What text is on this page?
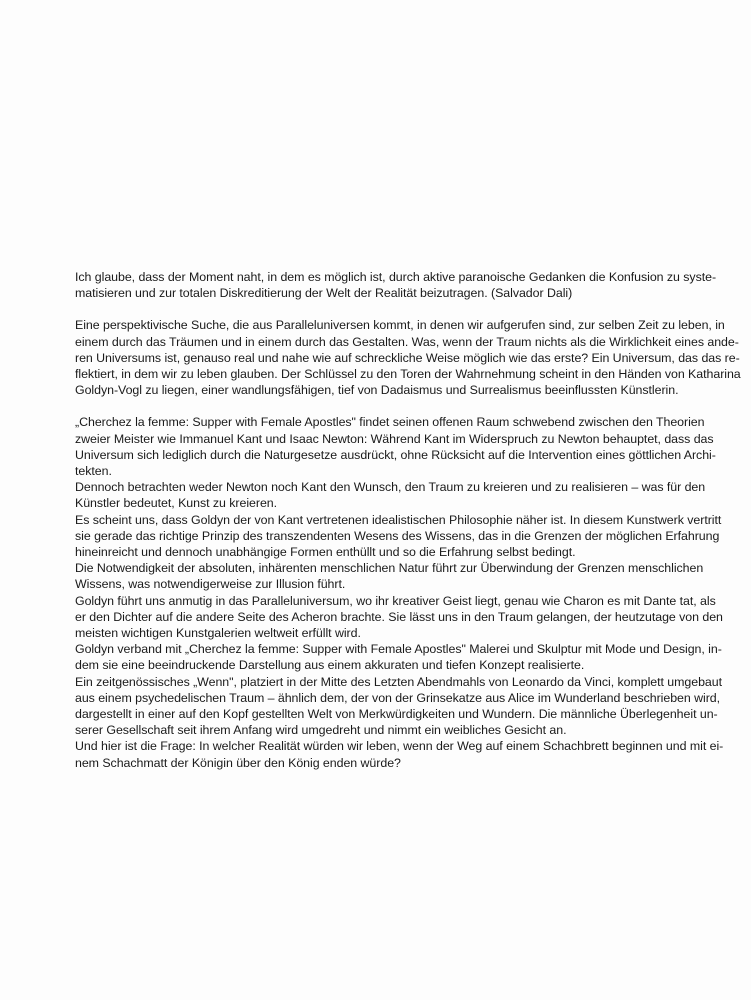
Ich glaube, dass der Moment naht, in dem es möglich ist, durch aktive paranoische Gedanken die Konfusion zu syste-
matisieren und zur totalen Diskreditierung der Welt der Realität beizutragen. (Salvador Dali)

Eine perspektivische Suche, die aus Paralleluniversen kommt, in denen wir aufgerufen sind, zur selben Zeit zu leben, in
einem durch das Träumen und in einem durch das Gestalten. Was, wenn der Traum nichts als die Wirklichkeit eines ande-
ren Universums ist, genauso real und nahe wie auf schreckliche Weise möglich wie das erste? Ein Universum, das das re-
flektiert, in dem wir zu leben glauben. Der Schlüssel zu den Toren der Wahrnehmung scheint in den Händen von Katharina
Goldyn-Vogl zu liegen, einer wandlungsfähigen, tief von Dadaismus und Surrealismus beeinflussten Künstlerin.

„Cherchez la femme: Supper with Female Apostles" findet seinen offenen Raum schwebend zwischen den Theorien
zweier Meister wie Immanuel Kant und Isaac Newton: Während Kant im Widerspruch zu Newton behauptet, dass das
Universum sich lediglich durch die Naturgesetze ausdrückt, ohne Rücksicht auf die Intervention eines göttlichen Archi-
tekten.
Dennoch betrachten weder Newton noch Kant den Wunsch, den Traum zu kreieren und zu realisieren – was für den
Künstler bedeutet, Kunst zu kreieren.
Es scheint uns, dass Goldyn der von Kant vertretenen idealistischen Philosophie näher ist. In diesem Kunstwerk vertritt
sie gerade das richtige Prinzip des transzendenten Wesens des Wissens, das in die Grenzen der möglichen Erfahrung
hineinreicht und dennoch unabhängige Formen enthüllt und so die Erfahrung selbst bedingt.
Die Notwendigkeit der absoluten, inhärenten menschlichen Natur führt zur Überwindung der Grenzen menschlichen
Wissens, was notwendigerweise zur Illusion führt.
Goldyn führt uns anmutig in das Paralleluniversum, wo ihr kreativer Geist liegt, genau wie Charon es mit Dante tat, als
er den Dichter auf die andere Seite des Acheron brachte. Sie lässt uns in den Traum gelangen, der heutzutage von den
meisten wichtigen Kunstgalerien weltweit erfüllt wird.
Goldyn verband mit „Cherchez la femme: Supper with Female Apostles" Malerei und Skulptur mit Mode und Design, in-
dem sie eine beeindruckende Darstellung aus einem akkuraten und tiefen Konzept realisierte.
Ein zeitgenössisches „Wenn", platziert in der Mitte des Letzten Abendmahls von Leonardo da Vinci, komplett umgebaut
aus einem psychedelischen Traum – ähnlich dem, der von der Grinsekatze aus Alice im Wunderland beschrieben wird,
dargestellt in einer auf den Kopf gestellten Welt von Merkwürdigkeiten und Wundern. Die männliche Überlegenheit un-
serer Gesellschaft seit ihrem Anfang wird umgedreht und nimmt ein weibliches Gesicht an.
Und hier ist die Frage: In welcher Realität würden wir leben, wenn der Weg auf einem Schachbrett beginnen und mit ei-
nem Schachmatt der Königin über den König enden würde?
